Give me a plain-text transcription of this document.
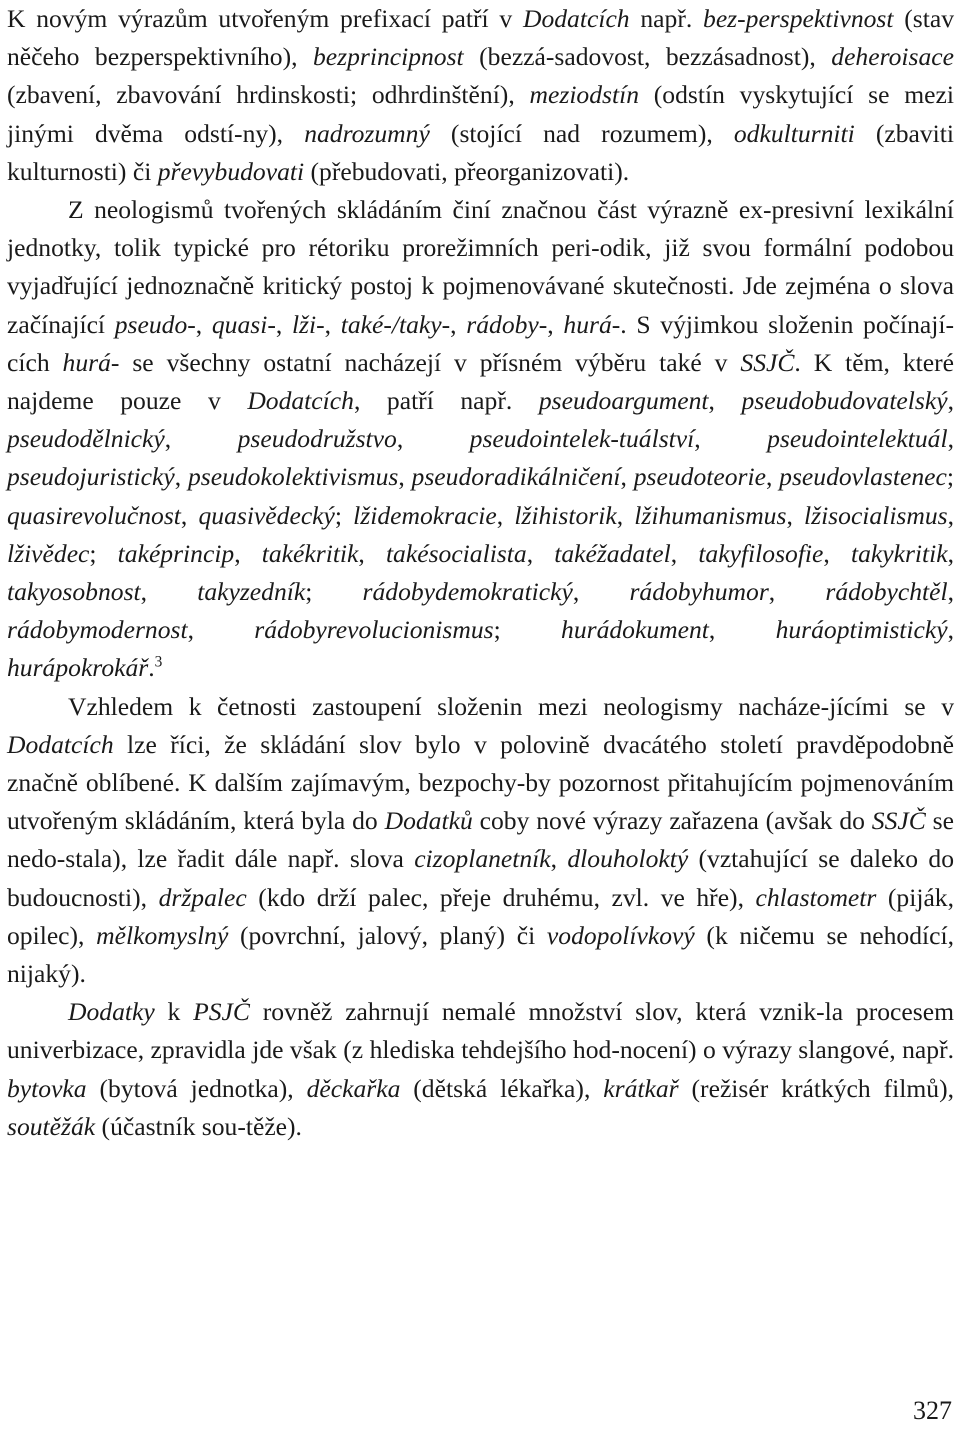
K novým výrazům utvořeným prefixací patří v Dodatcích např. bez-perspektivnost (stav něčeho bezperspektivního), bezprincipnost (bezzá-sadovost, bezzásadnost), deheroisace (zbavení, zbavování hrdinskosti; odhrdinštění), meziodstín (odstín vyskytující se mezi jinými dvěma odstí-ny), nadrozumný (stojící nad rozumem), odkulturniti (zbaviti kulturnosti) či převybudovati (přebudovati, přeorganizovati).

Z neologismů tvořených skládáním činí značnou část výrazně ex-presivní lexikální jednotky, tolik typické pro rétoriku prorežimních peri-odik, již svou formální podobou vyjadřující jednoznačně kritický postoj k pojmenovávané skutečnosti. Jde zejména o slova začínající pseudo-, quasi-, lži-, také-/taky-, rádoby-, hurá-. S výjimkou složenin počínají-cích hurá- se všechny ostatní nacházejí v přísném výběru také v SSJČ. K těm, které najdeme pouze v Dodatcích, patří např. pseudoargument, pseudobudovatelský, pseudodělnický, pseudodružstvo, pseudointelek-tuálství, pseudointelektuál, pseudojuristický, pseudokolektivismus, pseudoradikálničení, pseudoteorie, pseudovlastenec; quasirevolučnost, quasivědecký; lžidemokracie, lžihistorik, lžihumanismus, lžisocialismus, lživědec; taképrincip, takékritik, takésocialista, takéžadatel, takyfilosofie, takykritik, takyosobnost, takyzedník; rádobydemokratický, rádobyhumor, rádobychtěl, rádobymodernost, rádobyrevolucionismus; hurádokument, huráoptimistický, hurápokrokář.$^3$

Vzhledem k četnosti zastoupení složenin mezi neologismy nacháze-jícími se v Dodatcích lze říci, že skládání slov bylo v polovině dvacátého století pravděpodobně značně oblíbené. K dalším zajímavým, bezpochy-by pozornost přitahujícím pojmenováním utvořeným skládáním, která byla do Dodatků coby nové výrazy zařazena (avšak do SSJČ se nedo-stala), lze řadit dále např. slova cizoplanetník, dlouholoktý (vztahující se daleko do budoucnosti), držpalec (kdo drží palec, přeje druhému, zvl. ve hře), chlastometr (piják, opilec), mělkomyslný (povrchní, jalový, planý) či vodopolívkový (k ničemu se nehodící, nijaký).

Dodatky k PSJČ rovněž zahrnují nemalé množství slov, která vznik-la procesem univerbizace, zpravidla jde však (z hlediska tehdejšího hod-nocení) o výrazy slangové, např. bytovka (bytová jednotka), děckařka (dětská lékařka), krátkař (režisér krátkých filmů), soutěžák (účastník sou-těže).

327
